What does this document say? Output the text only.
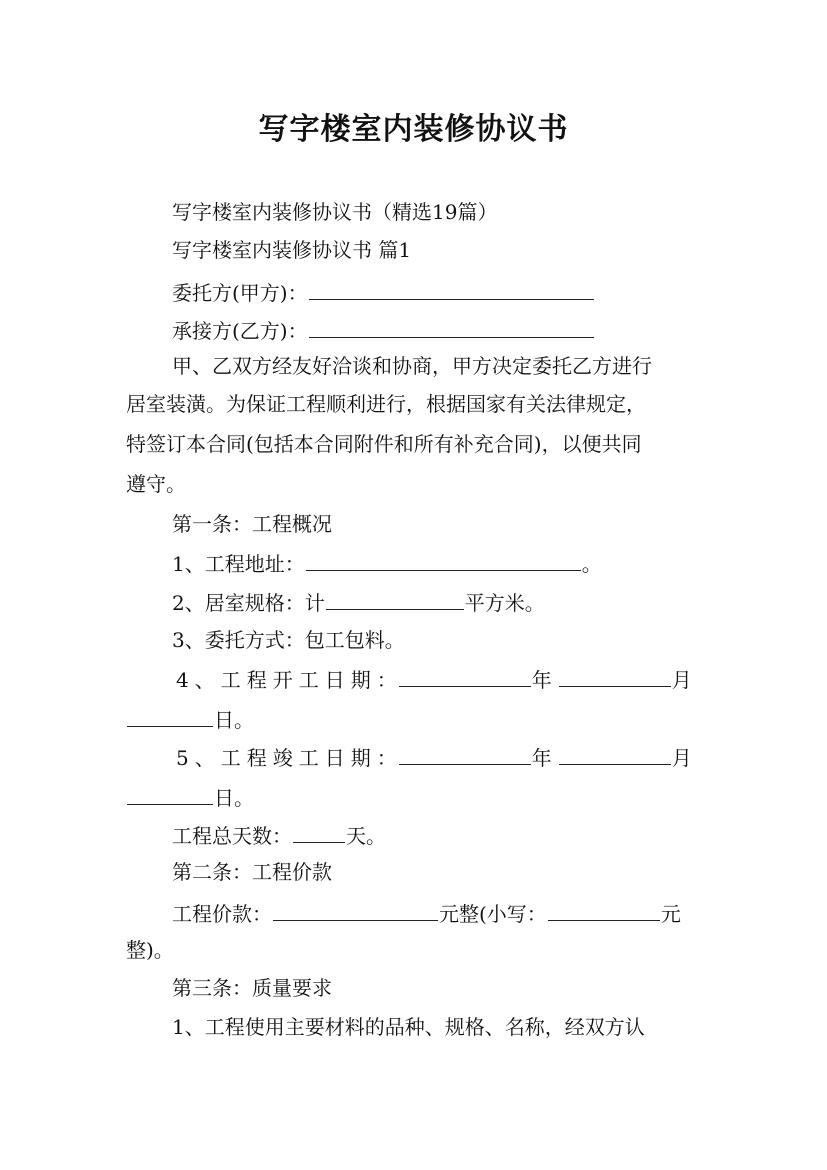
写字楼室内装修协议书
写字楼室内装修协议书（精选19篇）
写字楼室内装修协议书 篇1
委托方(甲方)：
承接方(乙方)：
甲、乙双方经友好洽谈和协商，甲方决定委托乙方进行
居室装潢。为保证工程顺利进行，根据国家有关法律规定，
特签订本合同(包括本合同附件和所有补充合同)，以便共同
遵守。
第一条：工程概况
1、工程地址：	。
2、居室规格：计	平方米。
3、委托方式：包工包料。
4、工程开工日期：	年	月
日。
5、工程竣工日期：	年	月
日。
工程总天数：	天。
第二条：工程价款
工程价款：	元整(小写：	元
整)。
第三条：质量要求
1、工程使用主要材料的品种、规格、名称，经双方认
